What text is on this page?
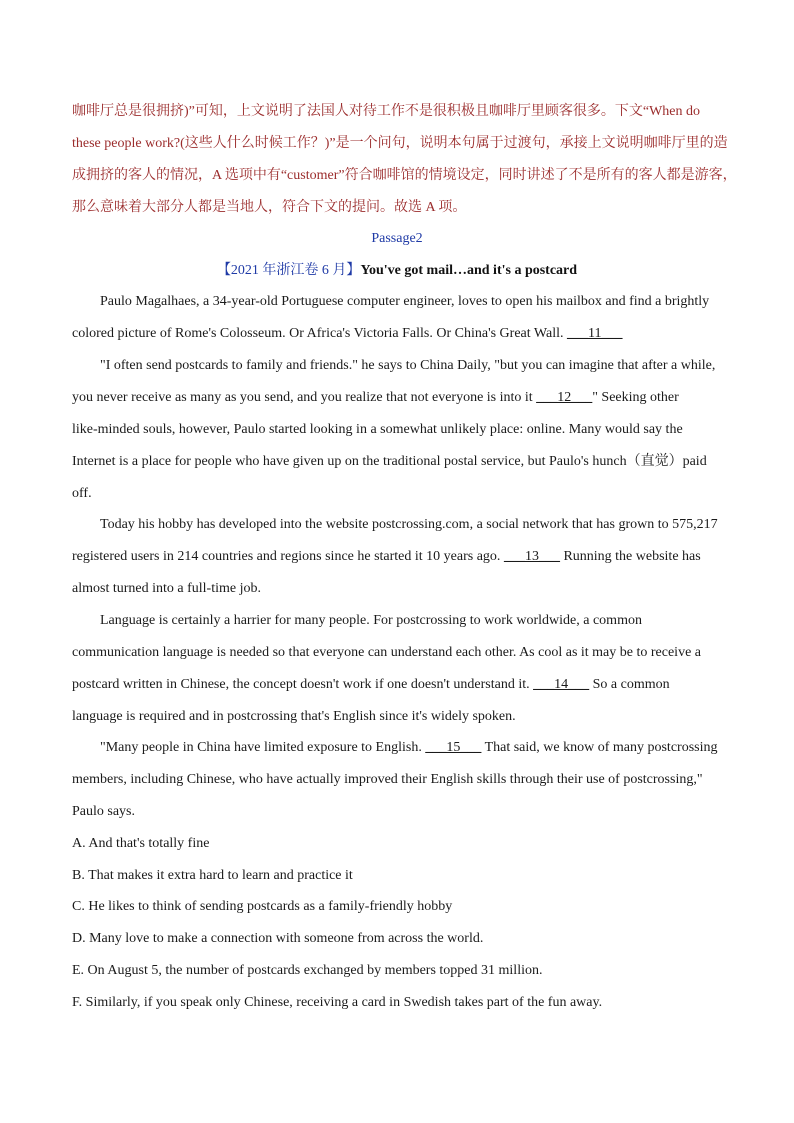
咖啡厅总是很拥挤)”可知，上文说明了法国人对待工作不是很积极且咖啡厅里顾客很多。下文“When do

these people work?(这些人什么时候工作？)”是一个问句，说明本句属于过渡句，承接上文说明咖啡厅里的造

成拥挤的客人的情况，A 选项中有“customer”符合咖啡馆的情境设定，同时讲述了不是所有的客人都是游客，

那么意味着大部分人都是当地人，符合下文的提问。故选 A 项。

Passage2
【2021 年浙江卷 6 月】You've got mail…and it's a postcard
Paulo Magalhaes, a 34-year-old Portuguese computer engineer, loves to open his mailbox and find a brightly
colored picture of Rome's Colosseum. Or Africa's Victoria Falls. Or China's Great Wall. ___11___
"I often send postcards to family and friends." he says to China Daily, "but you can imagine that after a while,
you never receive as many as you send, and you realize that not everyone is into it ___12___" Seeking other
like-minded souls, however, Paulo started looking in a somewhat unlikely place: online. Many would say the
Internet is a place for people who have given up on the traditional postal service, but Paulo's hunch（直觉）paid
off.
Today his hobby has developed into the website postcrossing.com, a social network that has grown to 575,217
registered users in 214 countries and regions since he started it 10 years ago. ___13___ Running the website has
almost turned into a full-time job.
Language is certainly a harrier for many people. For postcrossing to work worldwide, a common
communication language is needed so that everyone can understand each other. As cool as it may be to receive a
postcard written in Chinese, the concept doesn't work if one doesn't understand it. ___14___ So a common
language is required and in postcrossing that's English since it's widely spoken.
"Many people in China have limited exposure to English. ___15___ That said, we know of many postcrossing
members, including Chinese, who have actually improved their English skills through their use of postcrossing,"
Paulo says.
A. And that's totally fine
B. That makes it extra hard to learn and practice it
C. He likes to think of sending postcards as a family-friendly hobby
D. Many love to make a connection with someone from across the world.
E. On August 5, the number of postcards exchanged by members topped 31 million.
F. Similarly, if you speak only Chinese, receiving a card in Swedish takes part of the fun away.
